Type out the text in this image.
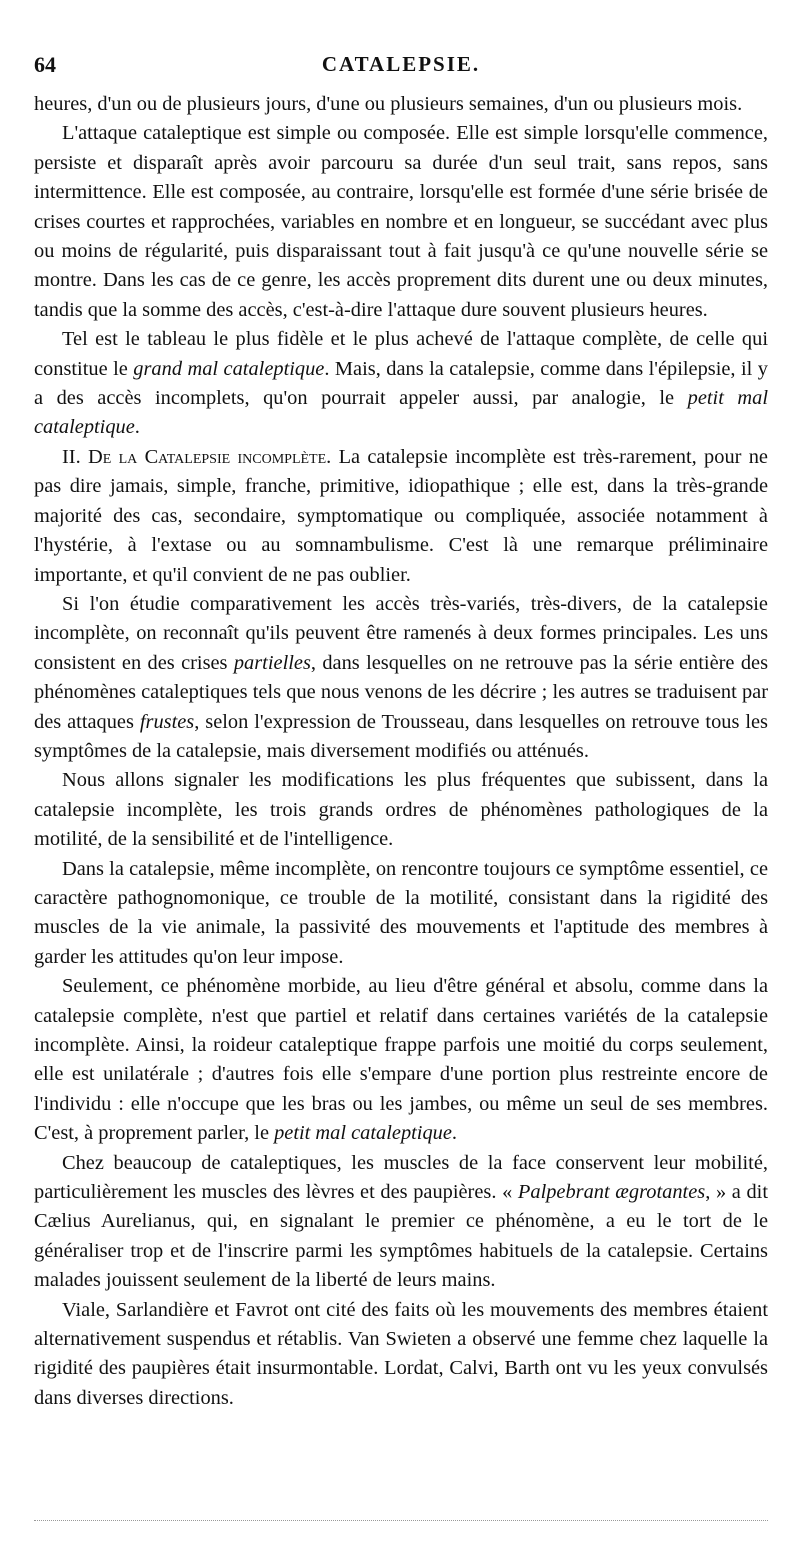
64	CATALEPSIE.

heures, d'un ou de plusieurs jours, d'une ou plusieurs semaines, d'un ou plusieurs mois.

L'attaque cataleptique est simple ou composée. Elle est simple lorsqu'elle commence, persiste et disparaît après avoir parcouru sa durée d'un seul trait, sans repos, sans intermittence. Elle est composée, au contraire, lorsqu'elle est formée d'une série brisée de crises courtes et rapprochées, variables en nombre et en longueur, se succédant avec plus ou moins de régularité, puis disparaissant tout à fait jusqu'à ce qu'une nouvelle série se montre. Dans les cas de ce genre, les accès proprement dits durent une ou deux minutes, tandis que la somme des accès, c'est-à-dire l'attaque dure souvent plusieurs heures.

Tel est le tableau le plus fidèle et le plus achevé de l'attaque complète, de celle qui constitue le grand mal cataleptique. Mais, dans la catalepsie, comme dans l'épilepsie, il y a des accès incomplets, qu'on pourrait appeler aussi, par analogie, le petit mal cataleptique.

II. De la Catalepsie incomplète. La catalepsie incomplète est très-rarement, pour ne pas dire jamais, simple, franche, primitive, idiopathique ; elle est, dans la très-grande majorité des cas, secondaire, symptomatique ou compliquée, associée notamment à l'hystérie, à l'extase ou au somnambulisme. C'est là une remarque préliminaire importante, et qu'il convient de ne pas oublier.

Si l'on étudie comparativement les accès très-variés, très-divers, de la catalepsie incomplète, on reconnaît qu'ils peuvent être ramenés à deux formes principales. Les uns consistent en des crises partielles, dans lesquelles on ne retrouve pas la série entière des phénomènes cataleptiques tels que nous venons de les décrire ; les autres se traduisent par des attaques frustes, selon l'expression de Trousseau, dans lesquelles on retrouve tous les symptômes de la catalepsie, mais diversement modifiés ou atténués.

Nous allons signaler les modifications les plus fréquentes que subissent, dans la catalepsie incomplète, les trois grands ordres de phénomènes pathologiques de la motilité, de la sensibilité et de l'intelligence.

Dans la catalepsie, même incomplète, on rencontre toujours ce symptôme essentiel, ce caractère pathognomonique, ce trouble de la motilité, consistant dans la rigidité des muscles de la vie animale, la passivité des mouvements et l'aptitude des membres à garder les attitudes qu'on leur impose.

Seulement, ce phénomène morbide, au lieu d'être général et absolu, comme dans la catalepsie complète, n'est que partiel et relatif dans certaines variétés de la catalepsie incomplète. Ainsi, la roideur cataleptique frappe parfois une moitié du corps seulement, elle est unilatérale ; d'autres fois elle s'empare d'une portion plus restreinte encore de l'individu : elle n'occupe que les bras ou les jambes, ou même un seul de ses membres. C'est, à proprement parler, le petit mal cataleptique.

Chez beaucoup de cataleptiques, les muscles de la face conservent leur mobilité, particulièrement les muscles des lèvres et des paupières. « Palpebrant ægrotantes, » a dit Cælius Aurelianus, qui, en signalant le premier ce phénomène, a eu le tort de le généraliser trop et de l'inscrire parmi les symptômes habituels de la catalepsie. Certains malades jouissent seulement de la liberté de leurs mains.

Viale, Sarlandière et Favrot ont cité des faits où les mouvements des membres étaient alternativement suspendus et rétablis. Van Swieten a observé une femme chez laquelle la rigidité des paupières était insurmontable. Lordat, Calvi, Barth ont vu les yeux convulsés dans diverses directions.
